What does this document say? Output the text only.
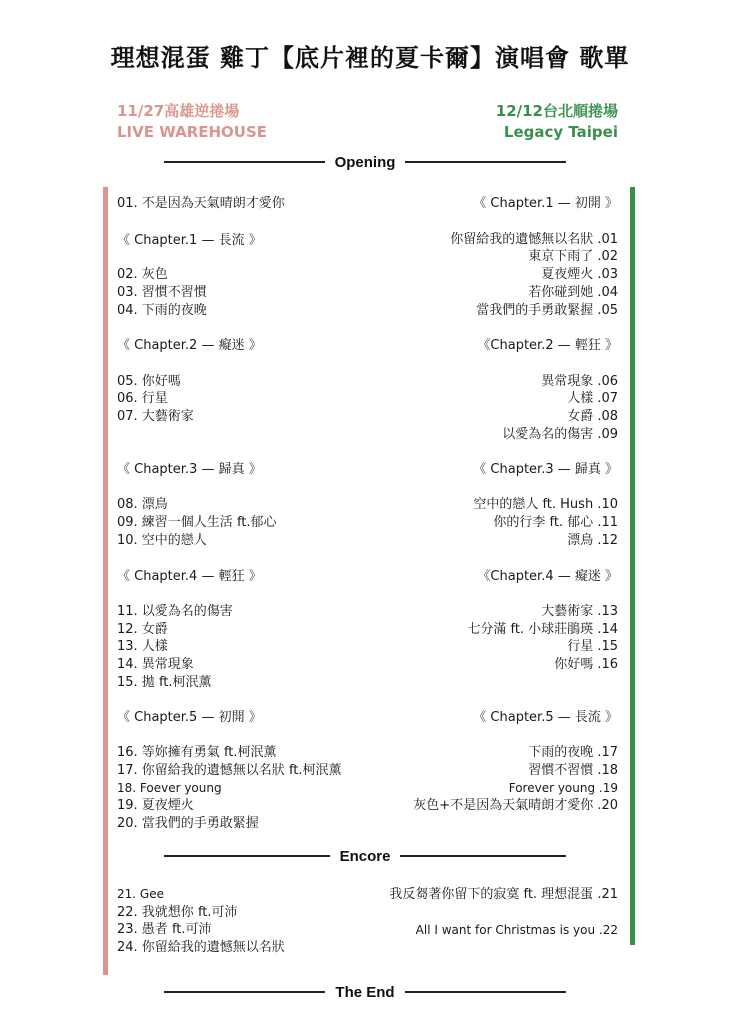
理想混蛋 雞丁【底片裡的夏卡爾】演唱會 歌單
11/27高雄逆捲場
LIVE WAREHOUSE
12/12台北順捲場
Legacy Taipei
Opening
01. 不是因為天氣晴朗才愛你
《 Chapter.1 — 長流 》
02. 灰色
03. 習慣不習慣
04. 下雨的夜晚
《 Chapter.2 — 癡迷 》
05. 你好嗎
06. 行星
07. 大藝術家
《 Chapter.3 — 歸真 》
08. 漂鳥
09. 練習一個人生活 ft.郁心
10. 空中的戀人
《 Chapter.4 — 輕狂 》
11. 以愛為名的傷害
12. 女爵
13. 人樣
14. 異常現象
15. 拋 ft.柯泯薰
《 Chapter.5 — 初開 》
16. 等妳擁有勇氣 ft.柯泯薰
17. 你留給我的遺憾無以名狀 ft.柯泯薰
18. Foever young
19. 夏夜煙火
20. 當我們的手勇敢緊握
Encore
21. Gee
22. 我就想你 ft.可沛
23. 愚者 ft.可沛
24. 你留給我的遺憾無以名狀
《 Chapter.1 — 初開 》
你留給我的遺憾無以名狀 .01
東京下雨了 .02
夏夜煙火 .03
若你碰到她 .04
當我們的手勇敢緊握 .05
《Chapter.2 — 輕狂 》
異常現象 .06
人樣 .07
女爵 .08
以愛為名的傷害 .09
《 Chapter.3 — 歸真 》
空中的戀人 ft. Hush .10
你的行李 ft. 郁心 .11
漂鳥 .12
《Chapter.4 — 癡迷 》
大藝術家 .13
七分滿 ft. 小球莊鵑瑛 .14
行星 .15
你好嗎 .16
《 Chapter.5 — 長流 》
下雨的夜晚 .17
習慣不習慣 .18
Forever young .19
灰色+不是因為天氣晴朗才愛你 .20
我反芻著你留下的寂寞 ft. 理想混蛋 .21
All I want for Christmas is you .22
The End
